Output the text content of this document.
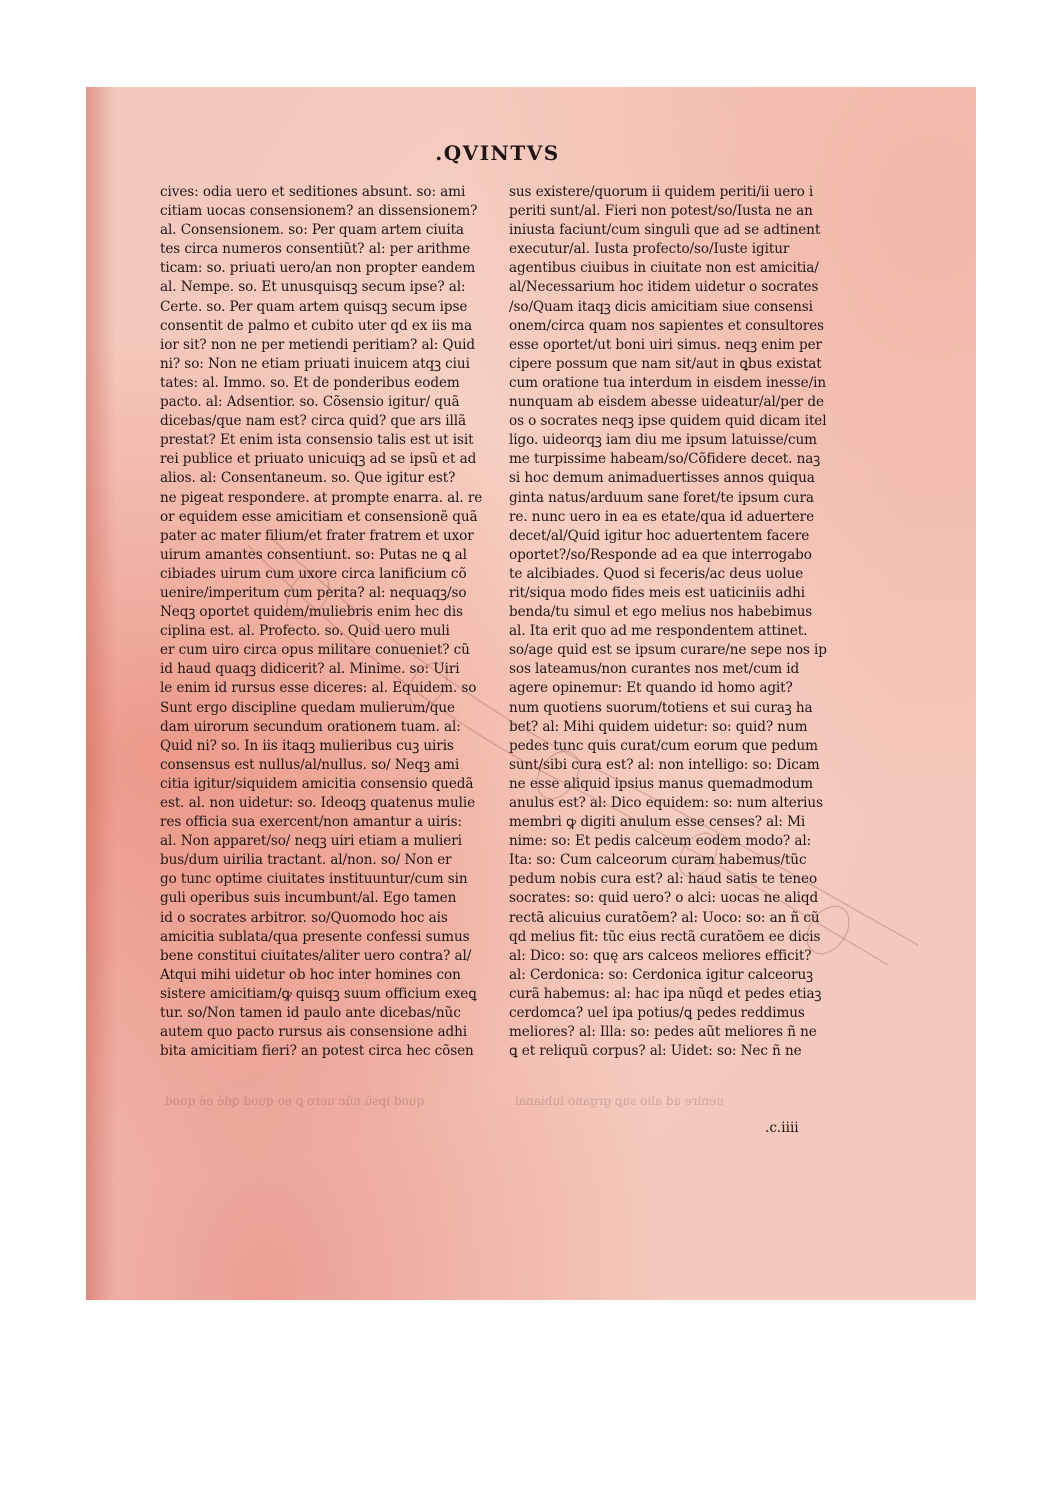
.QVINTVS
cives: odia uero et seditiones absunt. so: ami
citiam uocas consensionem? an dissensionem?
al. Consensionem. so: Per quam artem ciuita
tes circa numeros consentiũt? al: per arithme
ticam: so. priuati uero/an non propter eandem
al. Nempe. so. Et unusquisqꝫ secum ipse? al:
Certe. so. Per quam artem quisqꝫ secum ipse
consentit de palmo et cubito uter qd ex iis ma
ior sit? non ne per metiendi peritiam? al: Quid
ni? so: Non ne etiam priuati inuicem atqꝫ ciui
tates: al. Immo. so. Et de ponderibus eodem
pacto. al: Adsentior. so. Cõsensio igitur/ quã
dicebas/que nam est? circa quid? que ars illã
prestat? Et enim ista consensio talis est ut isit
rei publice et priuato unicuiqꝫ ad se ipsũ et ad
alios. al: Consentaneum. so. Que igitur est?
ne pigeat respondere. at prompte enarra. al. re
or equidem esse amicitiam et consensionẽ quã
pater ac mater filium/et frater fratrem et uxor
uirum amantes consentiunt. so: Putas ne ꝗ al
cibiades uirum cum uxore circa lanificium cõ
uenire/imperitum cum perita? al: nequaqꝫ/so
Neqꝫ oportet quidem/muliebris enim hec dis
ciplina est. al. Profecto. so. Quid uero muli
er cum uiro circa opus militare conueniet? cũ
id haud quaqꝫ didicerit? al. Minime. so: Uiri
le enim id rursus esse diceres: al. Equidem. so
Sunt ergo discipline quedam mulierum/que
dam uirorum secundum orationem tuam. al:
Quid ni? so. In iis itaqꝫ mulieribus cuꝫ uiris
consensus est nullus/al/nullus. so/ Neqꝫ ami
citia igitur/siquidem amicitia consensio quedã
est. al. non uidetur: so. Ideoqꝫ quatenus mulie
res officia sua exercent/non amantur a uiris:
al. Non apparet/so/ neqꝫ uiri etiam a mulieri
bus/dum uirilia tractant. al/non. so/ Non er
go tunc optime ciuitates instituuntur/cum sin
guli operibus suis incumbunt/al. Ego tamen
id o socrates arbitror. so/Quomodo hoc ais
amicitia sublata/qua presente confessi sumus
bene constitui ciuitates/aliter uero contra? al/
Atqui mihi uidetur ob hoc inter homines con
sistere amicitiam/ꝙ quisqꝫ suum officium exeꝗ
tur. so/Non tamen id paulo ante dicebas/nũc
autem quo pacto rursus ais consensione adhi
bita amicitiam fieri? an potest circa hec cõsen
sus existere/quorum ii quidem periti/ii uero i
periti sunt/al. Fieri non potest/so/Iusta ne an
iniusta faciunt/cum singuli que ad se adtinent
executur/al. Iusta profecto/so/Iuste igitur
agentibus ciuibus in ciuitate non est amicitia/
al/Necessarium hoc itidem uidetur o socrates
/so/Quam itaqꝫ dicis amicitiam siue consensi
onem/circa quam nos sapientes et consultores
esse oportet/ut boni uiri simus. neqꝫ enim per
cipere possum que nam sit/aut in ꝗbus existat
cum oratione tua interdum in eisdem inesse/in
nunquam ab eisdem abesse uideatur/al/per de
os o socrates neqꝫ ipse quidem quid dicam itel
ligo. uideorqꝫ iam diu me ipsum latuisse/cum
me turpissime habeam/so/Cõfidere decet. naꝫ
si hoc demum animaduertisses annos quiqua
ginta natus/arduum sane foret/te ipsum cura
re. nunc uero in ea es etate/qua id aduertere
decet/al/Quid igitur hoc aduertentem facere
oportet?/so/Responde ad ea que interrogabo
te alcibiades. Quod si feceris/ac deus uolue
rit/siqua modo fides meis est uaticiniis adhi
benda/tu simul et ego melius nos habebimus
al. Ita erit quo ad me respondentem attinet.
so/age quid est se ipsum curare/ne sepe nos ip
sos lateamus/non curantes nos met/cum id
agere opinemur: Et quando id homo agit?
num quotiens suorum/totiens et sui curaꝫ ha
bet? al: Mihi quidem uidetur: so: quid? num
pedes tunc quis curat/cum eorum que pedum
sunt/sibi cura est? al: non intelligo: so: Dicam
ne esse aliquid ipsius manus quemadmodum
anulus est? al: Dico equidem: so: num alterius
membri ꝙ digiti anulum esse censes? al: Mi
nime: so: Et pedis calceum eodem modo? al:
Ita: so: Cum calceorum curam habemus/tũc
pedum nobis cura est? al: haud satis te teneo
socrates: so: quid uero? o alci: uocas ne aliqd
rectã alicuius curatõem? al: Uoco: so: an ñ cũ
qd melius fit: tũc eius rectã curatõem ee dicis
al: Dico: so: quę ars calceos meliores efficit?
al: Cerdonica: so: Cerdonica igitur calceoruꝫ
curã habemus: al: hac ipa nũqd et pedes etiaꝫ
cerdomca? uel ipa potius/ꝗ pedes reddimus
meliores? al: Illa: so: pedes aũt meliores ñ ne
ꝗ et reliquũ corpus? al: Uidet: so: Nec ñ ne
quod ipsũ nũc uero ꝑ eo quod ꝗdẽ eẽ quod	uenire ad alio suꝑ grgano iubianal
.c.iiii
